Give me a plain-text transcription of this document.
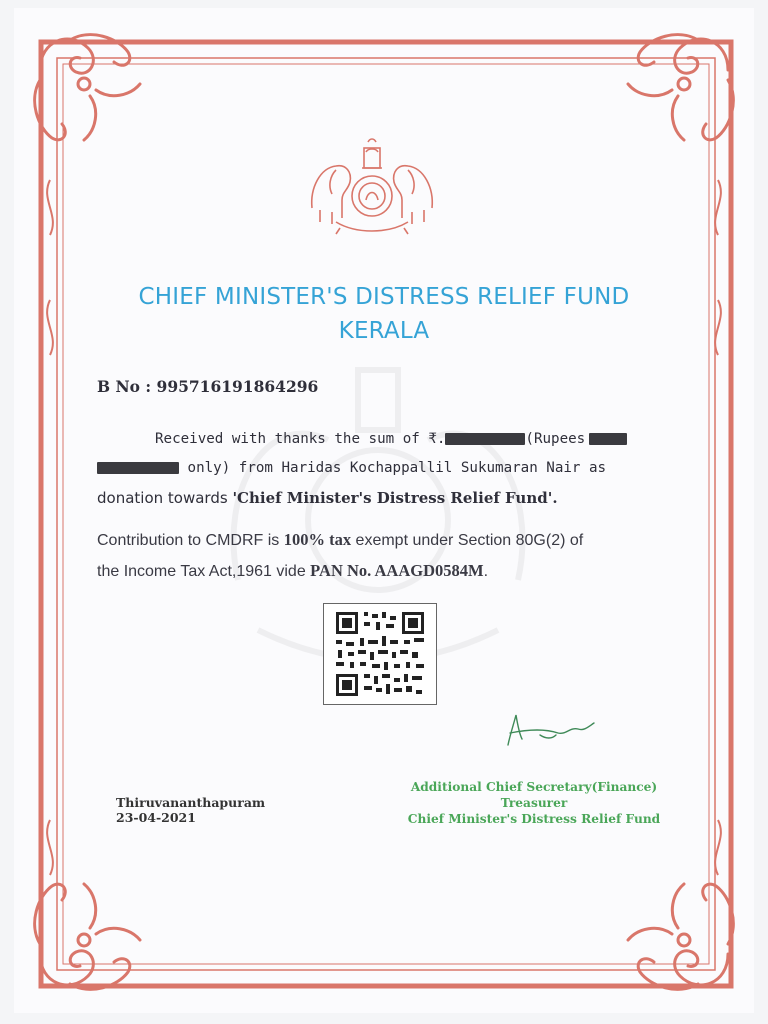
CHIEF MINISTER'S DISTRESS RELIEF FUND
KERALA
B No : 995716191864296
Received with thanks the sum of ₹.	(Rupees
only) from Haridas Kochappallil Sukumaran Nair as
donation towards 'Chief Minister's Distress Relief Fund'.
Contribution to CMDRF is 100% tax exempt under Section 80G(2) of
the Income Tax Act,1961 vide PAN No. AAAGD0584M.
Additional Chief Secretary(Finance)
Treasurer
Chief Minister's Distress Relief Fund
Thiruvananthapuram
23-04-2021
